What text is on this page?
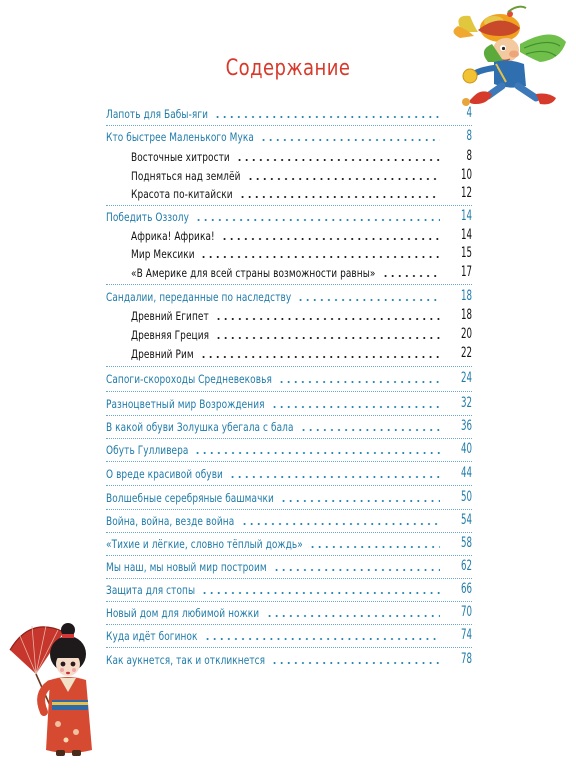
Содержание
Лапоть для Бабы-яги	4
Кто быстрее Маленького Мука	8
Восточные хитрости	8
Подняться над землёй	10
Красота по-китайски	12
Победить Оззолу	14
Африка! Африка!	14
Мир Мексики	15
«В Америке для всей страны возможности равны»	17
Сандалии, переданные по наследству	18
Древний Египет	18
Древняя Греция	20
Древний Рим	22
Сапоги-скороходы Средневековья	24
Разноцветный мир Возрождения	32
В какой обуви Золушка убегала с бала	36
Обуть Гулливера	40
О вреде красивой обуви	44
Волшебные серебряные башмачки	50
Война, война, везде война	54
«Тихие и лёгкие, словно тёплый дождь»	58
Мы наш, мы новый мир построим	62
Защита для стопы	66
Новый дом для любимой ножки	70
Куда идёт богинок	74
Как аукнется, так и откликнется	78
